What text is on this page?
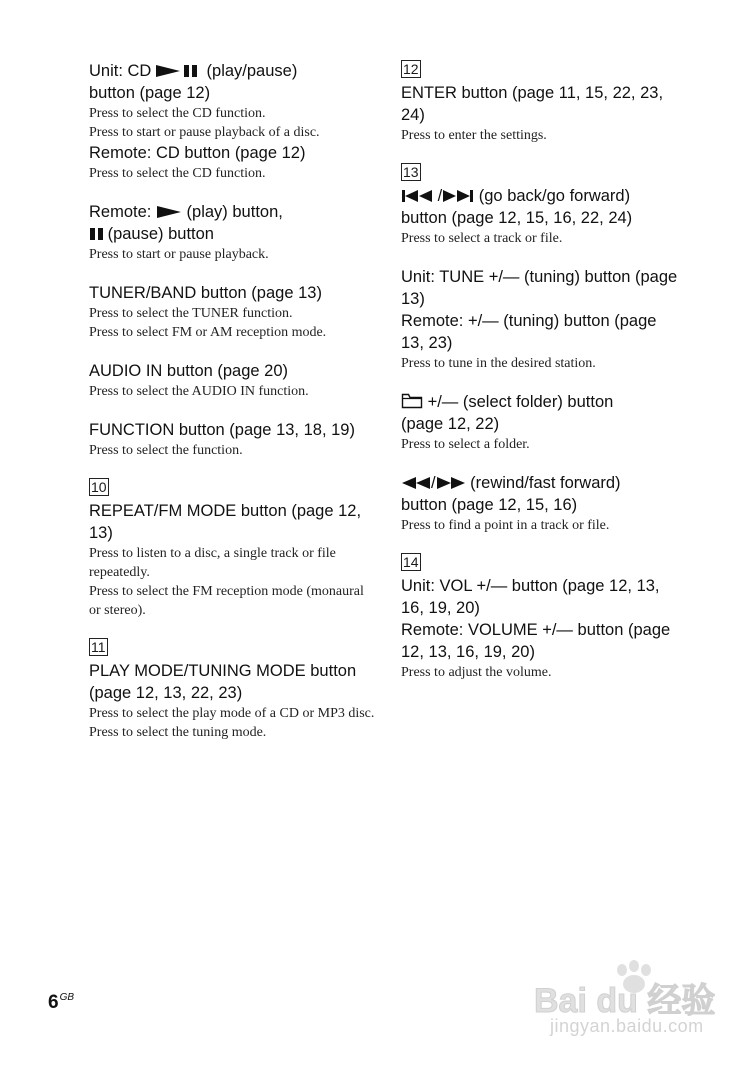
Unit: CD	(play/pause)
button (page 12)
Press to select the CD function.
Press to start or pause playback of a disc.
Remote: CD button (page 12)
Press to select the CD function.
Remote:
(play) button,
(pause) button
Press to start or pause playback.
TUNER/BAND button (page 13)
Press to select the TUNER function.
Press to select FM or AM reception mode.
AUDIO IN button (page 20)
Press to select the AUDIO IN function.
FUNCTION button (page 13, 18, 19)
Press to select the function.
10
REPEAT/FM MODE button (page 12, 13)
Press to listen to a disc, a single track or file repeatedly.
Press to select the FM reception mode (monaural or stereo).
11
PLAY MODE/TUNING MODE button (page 12, 13, 22, 23)
Press to select the play mode of a CD or MP3 disc.
Press to select the tuning mode.
12
ENTER button (page 11, 15, 22, 23, 24)
Press to enter the settings.
13
/
(go back/go forward)
button (page 12, 15, 16, 22, 24)
Press to select a track or file.
Unit: TUNE +/— (tuning) button (page 13)
Remote: +/— (tuning) button (page 13, 23)
Press to tune in the desired station.
+/— (select folder) button
(page 12, 22)
Press to select a folder.
/
(rewind/fast forward)
button (page 12, 15, 16)
Press to find a point in a track or file.
14
Unit: VOL +/— button (page 12, 13, 16, 19, 20)
Remote: VOLUME +/— button (page 12, 13, 16, 19, 20)
Press to adjust the volume.
$6^{GB}$	Bai du 经验
jingyan.baidu.com
